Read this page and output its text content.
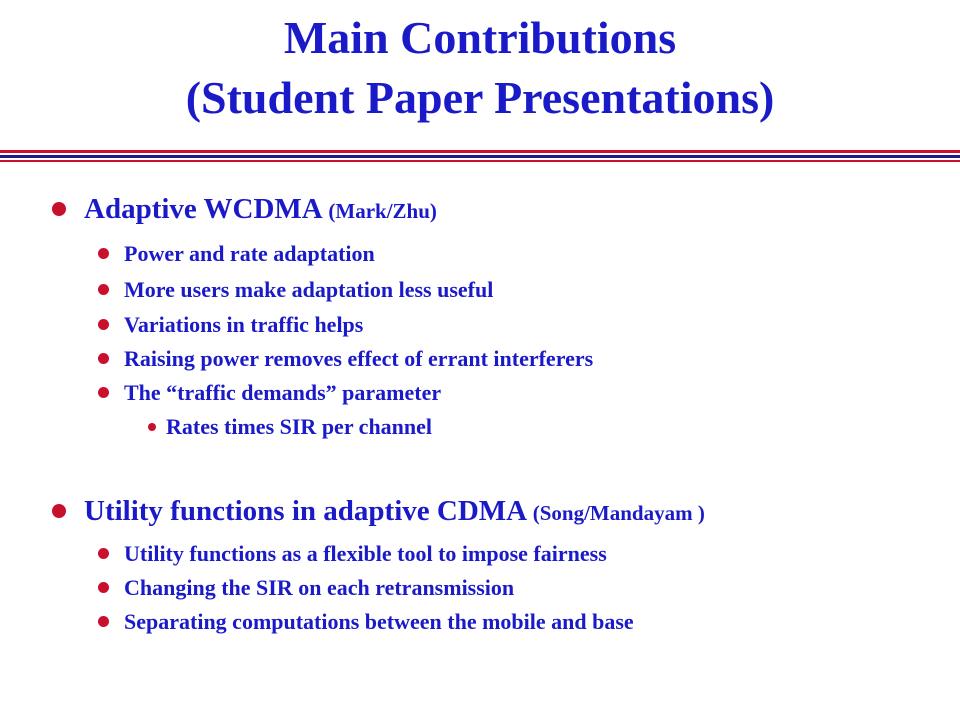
Main Contributions
(Student Paper Presentations)
Adaptive WCDMA (Mark/Zhu)
Power and rate adaptation
More users make adaptation less useful
Variations in traffic helps
Raising power removes effect of errant interferers
The “traffic demands” parameter
Rates times SIR per channel
Utility functions in adaptive CDMA (Song/Mandayam )
Utility functions as a flexible tool to impose fairness
Changing the SIR on each retransmission
Separating computations between the mobile and base
